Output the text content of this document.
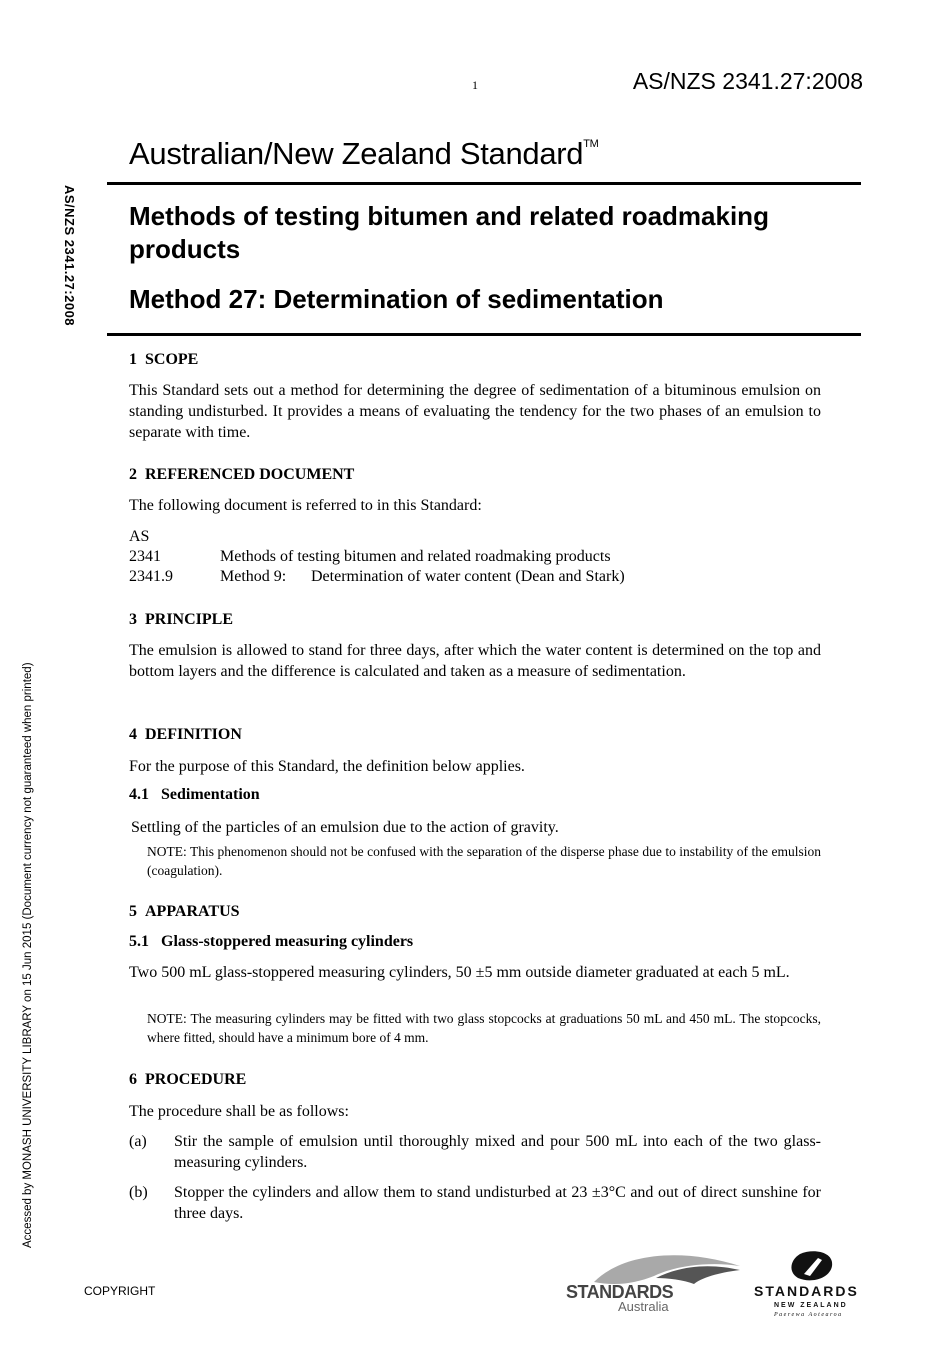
1	AS/NZS 2341.27:2008
Australian/New Zealand Standard™
Methods of testing bitumen and related roadmaking products
Method 27: Determination of sedimentation
AS/NZS 2341.27:2008
Accessed by MONASH UNIVERSITY LIBRARY on 15 Jun 2015 (Document currency not guaranteed when printed)
1 SCOPE
This Standard sets out a method for determining the degree of sedimentation of a bituminous emulsion on standing undisturbed. It provides a means of evaluating the tendency for the two phases of an emulsion to separate with time.
2 REFERENCED DOCUMENT
The following document is referred to in this Standard:
AS
2341	Methods of testing bitumen and related roadmaking products
2341.9	Method 9: Determination of water content (Dean and Stark)
3 PRINCIPLE
The emulsion is allowed to stand for three days, after which the water content is determined on the top and bottom layers and the difference is calculated and taken as a measure of sedimentation.
4 DEFINITION
For the purpose of this Standard, the definition below applies.
4.1 Sedimentation
Settling of the particles of an emulsion due to the action of gravity.
NOTE: This phenomenon should not be confused with the separation of the disperse phase due to instability of the emulsion (coagulation).
5 APPARATUS
5.1 Glass-stoppered measuring cylinders
Two 500 mL glass-stoppered measuring cylinders, 50 ±5 mm outside diameter graduated at each 5 mL.
NOTE: The measuring cylinders may be fitted with two glass stopcocks at graduations 50 mL and 450 mL. The stopcocks, where fitted, should have a minimum bore of 4 mm.
6 PROCEDURE
The procedure shall be as follows:
(a) Stir the sample of emulsion until thoroughly mixed and pour 500 mL into each of the two glass-measuring cylinders.
(b) Stopper the cylinders and allow them to stand undisturbed at 23 ±3°C and out of direct sunshine for three days.
COPYRIGHT	STANDARDS
Australia
STANDARDS
NEW ZEALAND
Paerewa Aotearoa
